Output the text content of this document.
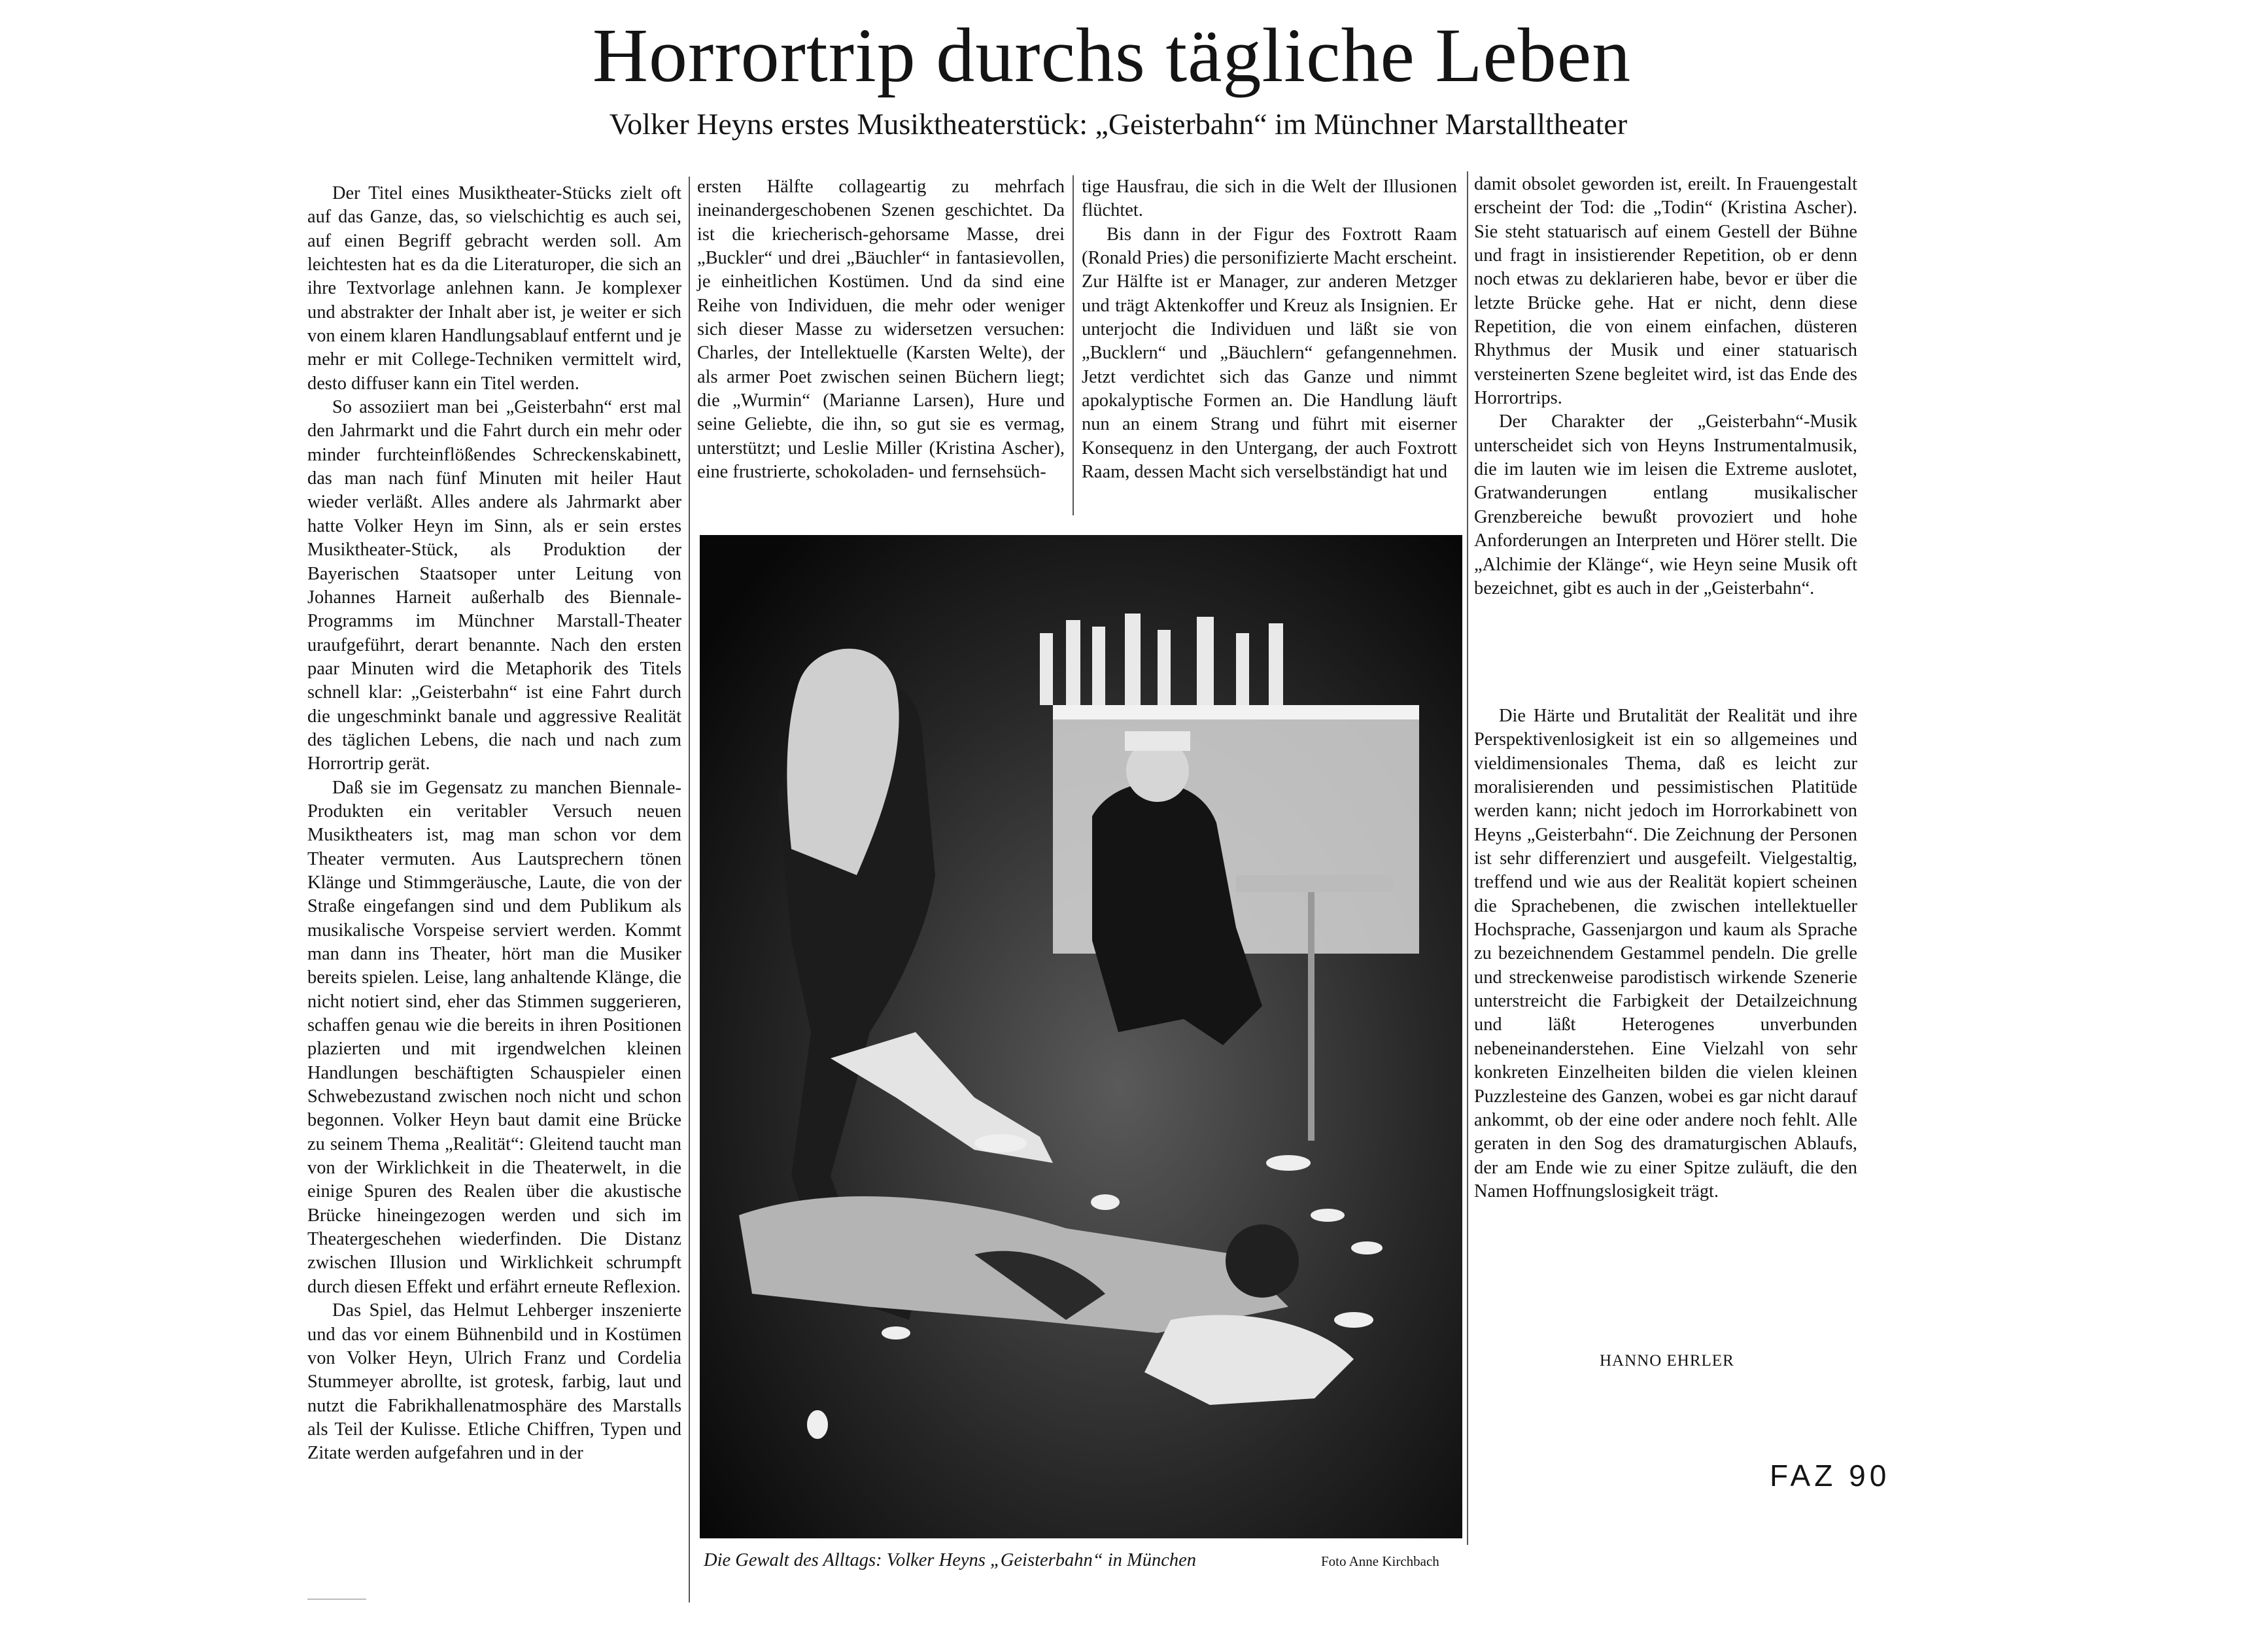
Horrortrip durchs tägliche Leben
Volker Heyns erstes Musiktheaterstück: „Geisterbahn“ im Münchner Marstalltheater

Der Titel eines Musiktheater-Stücks zielt oft auf das Ganze, das, so vielschichtig es auch sei, auf einen Begriff gebracht werden soll. Am leichtesten hat es da die Literaturoper, die sich an ihre Textvorlage anlehnen kann. Je komplexer und abstrakter der Inhalt aber ist, je weiter er sich von einem klaren Handlungsablauf entfernt und je mehr er mit College-Techniken vermittelt wird, desto diffuser kann ein Titel werden.

So assoziiert man bei „Geisterbahn“ erst mal den Jahrmarkt und die Fahrt durch ein mehr oder minder furchteinflößendes Schreckenskabinett, das man nach fünf Minuten mit heiler Haut wieder verläßt. Alles andere als Jahrmarkt aber hatte Volker Heyn im Sinn, als er sein erstes Musiktheater-Stück, als Produktion der Bayerischen Staatsoper unter Leitung von Johannes Harneit außerhalb des Biennale-Programms im Münchner Marstall-Theater uraufgeführt, derart benannte. Nach den ersten paar Minuten wird die Metaphorik des Titels schnell klar: „Geisterbahn“ ist eine Fahrt durch die ungeschminkt banale und aggressive Realität des täglichen Lebens, die nach und nach zum Horrortrip gerät.

Daß sie im Gegensatz zu manchen Biennale-Produkten ein veritabler Versuch neuen Musiktheaters ist, mag man schon vor dem Theater vermuten. Aus Lautsprechern tönen Klänge und Stimmgeräusche, Laute, die von der Straße eingefangen sind und dem Publikum als musikalische Vorspeise serviert werden. Kommt man dann ins Theater, hört man die Musiker bereits spielen. Leise, lang anhaltende Klänge, die nicht notiert sind, eher das Stimmen suggerieren, schaffen genau wie die bereits in ihren Positionen plazierten und mit irgendwelchen kleinen Handlungen beschäftigten Schauspieler einen Schwebezustand zwischen noch nicht und schon begonnen. Volker Heyn baut damit eine Brücke zu seinem Thema „Realität“: Gleitend taucht man von der Wirklichkeit in die Theaterwelt, in die einige Spuren des Realen über die akustische Brücke hineingezogen werden und sich im Theatergeschehen wiederfinden. Die Distanz zwischen Illusion und Wirklichkeit schrumpft durch diesen Effekt und erfährt erneute Reflexion.

Das Spiel, das Helmut Lehberger inszenierte und das vor einem Bühnenbild und in Kostümen von Volker Heyn, Ulrich Franz und Cordelia Stummeyer abrollte, ist grotesk, farbig, laut und nutzt die Fabrikhallenatmosphäre des Marstalls als Teil der Kulisse. Etliche Chiffren, Typen und Zitate werden aufgefahren und in der

ersten Hälfte collageartig zu mehrfach ineinandergeschobenen Szenen geschichtet. Da ist die kriecherisch-gehorsame Masse, drei „Buckler“ und drei „Bäuchler“ in fantasievollen, je einheitlichen Kostümen. Und da sind eine Reihe von Individuen, die mehr oder weniger sich dieser Masse zu widersetzen versuchen: Charles, der Intellektuelle (Karsten Welte), der als armer Poet zwischen seinen Büchern liegt; die „Wurmin“ (Marianne Larsen), Hure und seine Geliebte, die ihn, so gut sie es vermag, unterstützt; und Leslie Miller (Kristina Ascher), eine frustrierte, schokoladen- und fernsehsüch-

tige Hausfrau, die sich in die Welt der Illusionen flüchtet.

Bis dann in der Figur des Foxtrott Raam (Ronald Pries) die personifizierte Macht erscheint. Zur Hälfte ist er Manager, zur anderen Metzger und trägt Aktenkoffer und Kreuz als Insignien. Er unterjocht die Individuen und läßt sie von „Bucklern“ und „Bäuchlern“ gefangennehmen. Jetzt verdichtet sich das Ganze und nimmt apokalyptische Formen an. Die Handlung läuft nun an einem Strang und führt mit eiserner Konsequenz in den Untergang, der auch Foxtrott Raam, dessen Macht sich verselbständigt hat und

damit obsolet geworden ist, ereilt. In Frauengestalt erscheint der Tod: die „Todin“ (Kristina Ascher). Sie steht statuarisch auf einem Gestell der Bühne und fragt in insistierender Repetition, ob er denn noch etwas zu deklarieren habe, bevor er über die letzte Brücke gehe. Hat er nicht, denn diese Repetition, die von einem einfachen, düsteren Rhythmus der Musik und einer statuarisch versteinerten Szene begleitet wird, ist das Ende des Horrortrips.

Der Charakter der „Geisterbahn“-Musik unterscheidet sich von Heyns Instrumentalmusik, die im lauten wie im leisen die Extreme auslotet, Gratwanderungen entlang musikalischer Grenzbereiche bewußt provoziert und hohe Anforderungen an Interpreten und Hörer stellt. Die „Alchimie der Klänge“, wie Heyn seine Musik oft bezeichnet, gibt es auch in der „Geisterbahn“.

Die Härte und Brutalität der Realität und ihre Perspektivenlosigkeit ist ein so allgemeines und vieldimensionales Thema, daß es leicht zur moralisierenden und pessimistischen Platitüde werden kann; nicht jedoch im Horrorkabinett von Heyns „Geisterbahn“. Die Zeichnung der Personen ist sehr differenziert und ausgefeilt. Vielgestaltig, treffend und wie aus der Realität kopiert scheinen die Sprachebenen, die zwischen intellektueller Hochsprache, Gassenjargon und kaum als Sprache zu bezeichnendem Gestammel pendeln. Die grelle und streckenweise parodistisch wirkende Szenerie unterstreicht die Farbigkeit der Detailzeichnung und läßt Heterogenes unverbunden nebeneinanderstehen. Eine Vielzahl von sehr konkreten Einzelheiten bilden die vielen kleinen Puzzlesteine des Ganzen, wobei es gar nicht darauf ankommt, ob der eine oder andere noch fehlt. Alle geraten in den Sog des dramaturgischen Ablaufs, der am Ende wie zu einer Spitze zuläuft, die den Namen Hoffnungslosigkeit trägt.

Die Gewalt des Alltags: Volker Heyns „Geisterbahn“ in München	Foto Anne Kirchbach
HANNO EHRLER
FAZ 90
